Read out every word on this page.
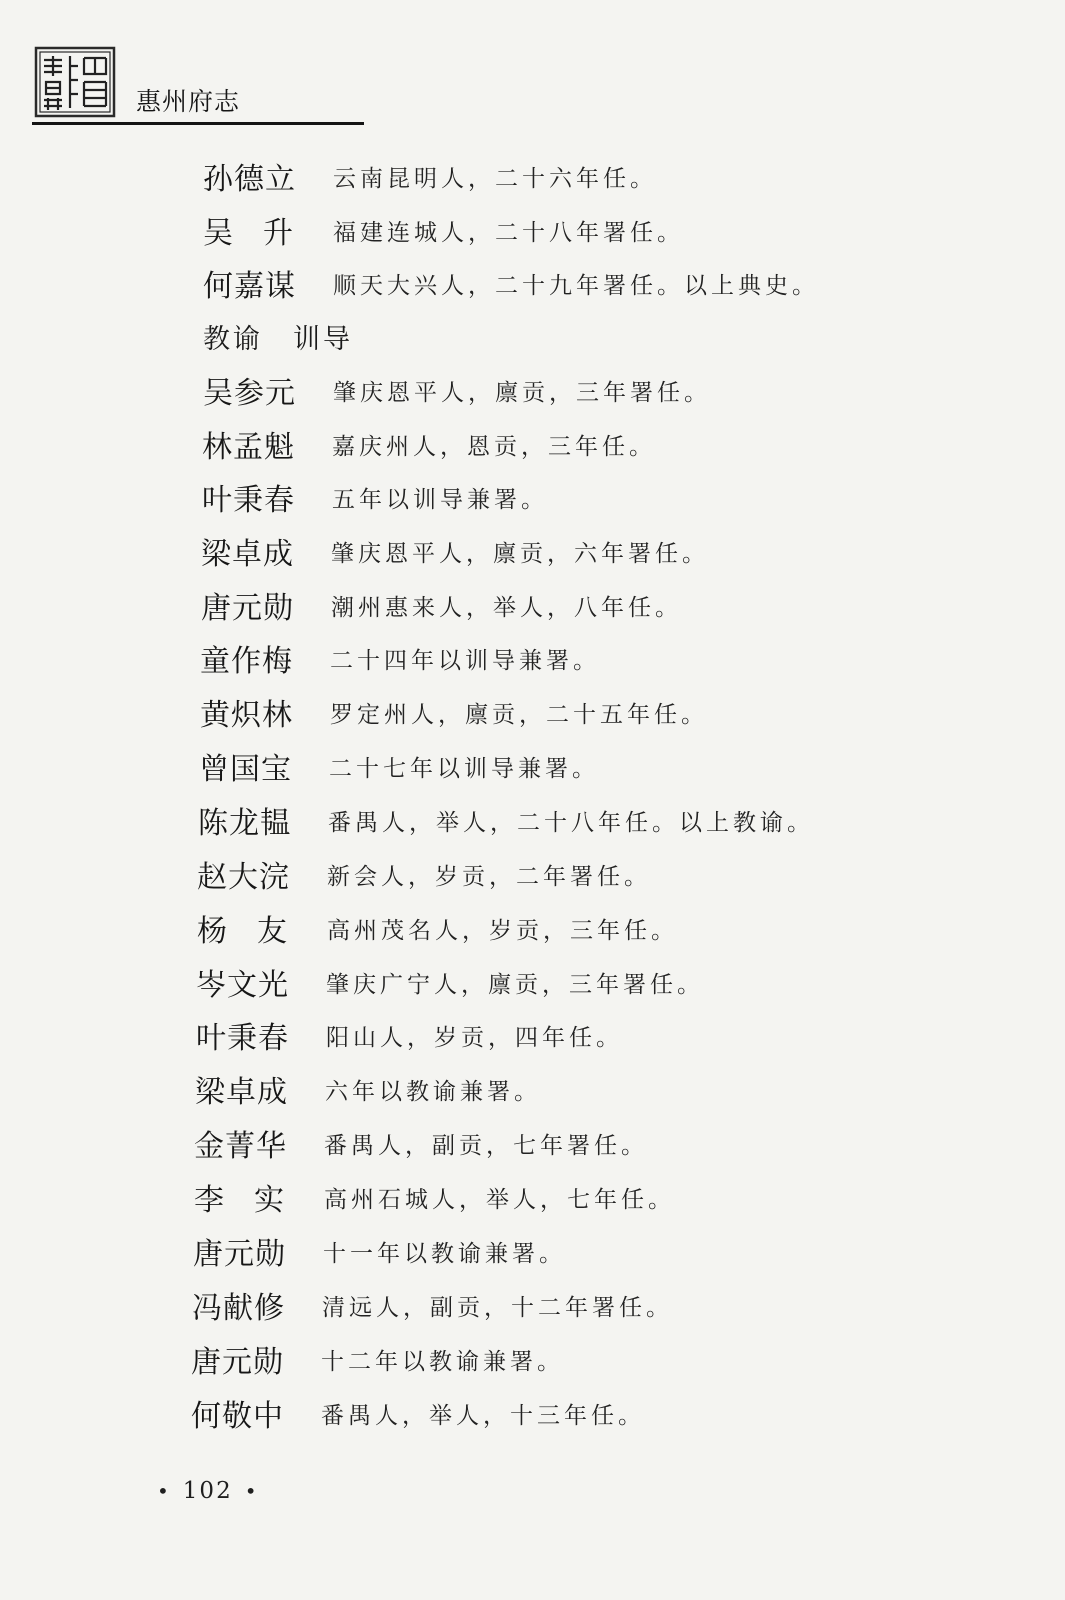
惠州府志
孙德立	云南昆明人，二十六年任。
吴升 福建连城人，二十八年署任。
何嘉谋	顺天大兴人，二十九年署任。以上典史。
教谕　训导
吴参元	肇庆恩平人，廪贡，三年署任。
林孟魁	嘉庆州人，恩贡，三年任。
叶秉春	五年以训导兼署。
梁卓成	肇庆恩平人，廪贡，六年署任。
唐元勋	潮州惠来人，举人，八年任。
童作梅	二十四年以训导兼署。
黄炽林	罗定州人，廪贡，二十五年任。
曾国宝	二十七年以训导兼署。
陈龙韫	番禺人，举人，二十八年任。以上教谕。
赵大浣	新会人，岁贡，二年署任。
杨友 高州茂名人，岁贡，三年任。
岑文光	肇庆广宁人，廪贡，三年署任。
叶秉春	阳山人，岁贡，四年任。
梁卓成	六年以教谕兼署。
金菁华	番禺人，副贡，七年署任。
李实 高州石城人，举人，七年任。
唐元勋	十一年以教谕兼署。
冯献修	清远人，副贡，十二年署任。
唐元勋	十二年以教谕兼署。
何敬中	番禺人，举人，十三年任。
• 102 •
